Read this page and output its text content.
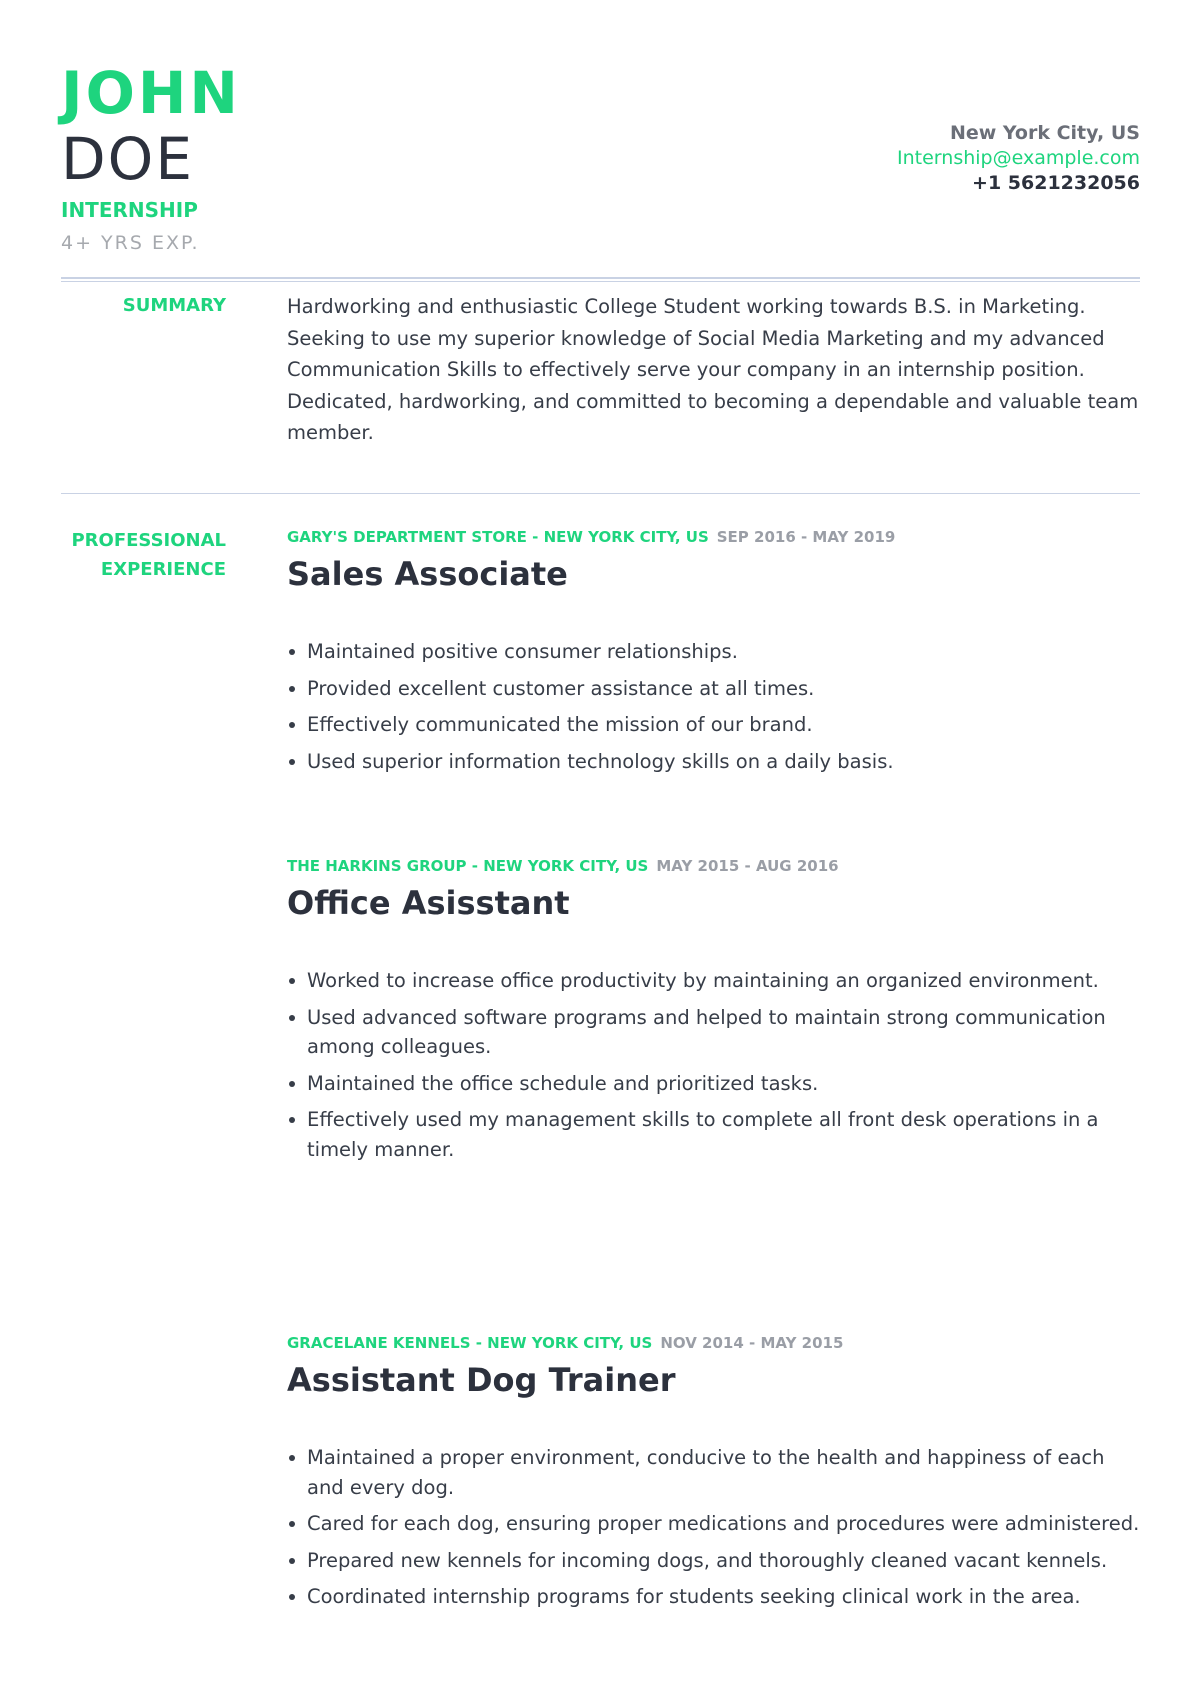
JOHN
DOE
INTERNSHIP
4+ YRS EXP.
New York City, US
Internship@example.com
+1 5621232056
SUMMARY	Hardworking and enthusiastic College Student working towards B.S. in Marketing. Seeking to use my superior knowledge of Social Media Marketing and my advanced Communication Skills to effectively serve your company in an internship position. Dedicated, hardworking, and committed to becoming a dependable and valuable team member.

PROFESSIONAL
EXPERIENCE
GARY'S DEPARTMENT STORE - NEW YORK CITY, US SEP 2016 - MAY 2019
Sales Associate
Maintained positive consumer relationships.
Provided excellent customer assistance at all times.
Effectively communicated the mission of our brand.
Used superior information technology skills on a daily basis.
THE HARKINS GROUP - NEW YORK CITY, US MAY 2015 - AUG 2016
Office Asisstant
Worked to increase office productivity by maintaining an organized environment.
Used advanced software programs and helped to maintain strong communication among colleagues.
Maintained the office schedule and prioritized tasks.
Effectively used my management skills to complete all front desk operations in a timely manner.
GRACELANE KENNELS - NEW YORK CITY, US NOV 2014 - MAY 2015
Assistant Dog Trainer
Maintained a proper environment, conducive to the health and happiness of each and every dog.
Cared for each dog, ensuring proper medications and procedures were administered.
Prepared new kennels for incoming dogs, and thoroughly cleaned vacant kennels.
Coordinated internship programs for students seeking clinical work in the area.
